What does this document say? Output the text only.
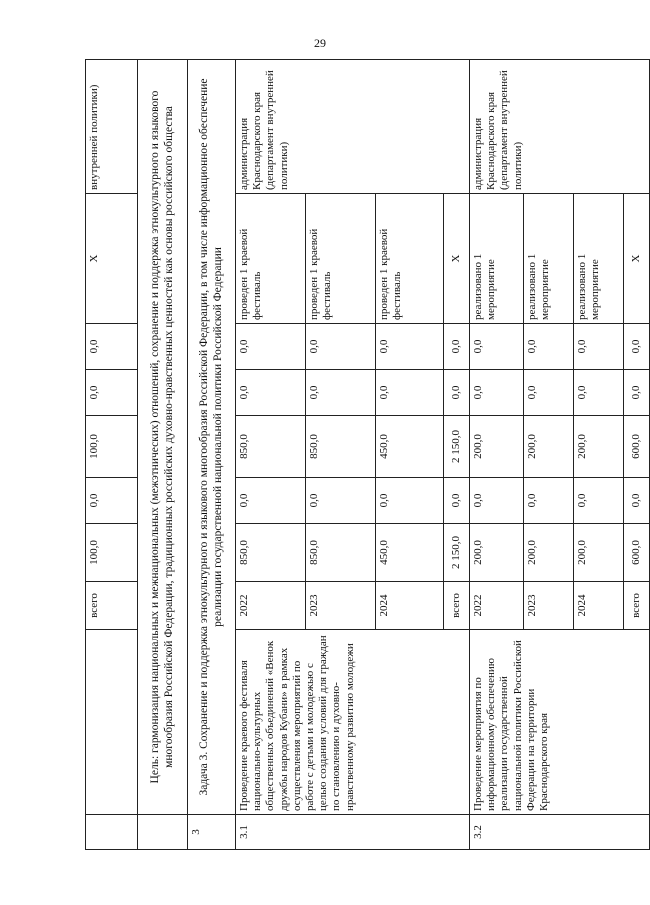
29
		всего	100,0	0,0	100,0	0,0	0,0	X	внутренней политики)
	Цель: гармонизация национальных и межнациональных (межэтнических) отношений, сохранение и поддержка этнокультурного и языкового многообразия Российской Федерации, традиционных российских духовно-нравственных ценностей как основы российского общества								
3	Задача 3. Сохранение и поддержка этнокультурного и языкового многообразия Российской Федерации, в том числе информационное обеспечение реализации государственной национальной политики Российской Федерации								
3.1	Проведение краевого фестиваля национально-культурных общественных объединений «Венок дружбы народов Кубани» в рамках осуществления мероприятий по работе с детьми и молодежью с целью создания условий для граждан по становлению и духовно-нравственному развитию молодежи	2022	850,0	0,0	850,0	0,0	0,0	проведен 1 краевой фестиваль	администрация Краснодарского края (департамент внутренней политики)
		2023	850,0	0,0	850,0	0,0	0,0	проведен 1 краевой фестиваль	
		2024	450,0	0,0	450,0	0,0	0,0	проведен 1 краевой фестиваль	
		всего	2 150,0	0,0	2 150,0	0,0	0,0	X	
3.2	Проведение мероприятия по информационному обеспечению реализации государственной национальной политики Российской Федерации на территории Краснодарского края	2022	200,0	0,0	200,0	0,0	0,0	реализовано 1 мероприятие	администрация Краснодарского края (департамент внутренней политики)
		2023	200,0	0,0	200,0	0,0	0,0	реализовано 1 мероприятие	
		2024	200,0	0,0	200,0	0,0	0,0	реализовано 1 мероприятие	
		всего	600,0	0,0	600,0	0,0	0,0	X	
